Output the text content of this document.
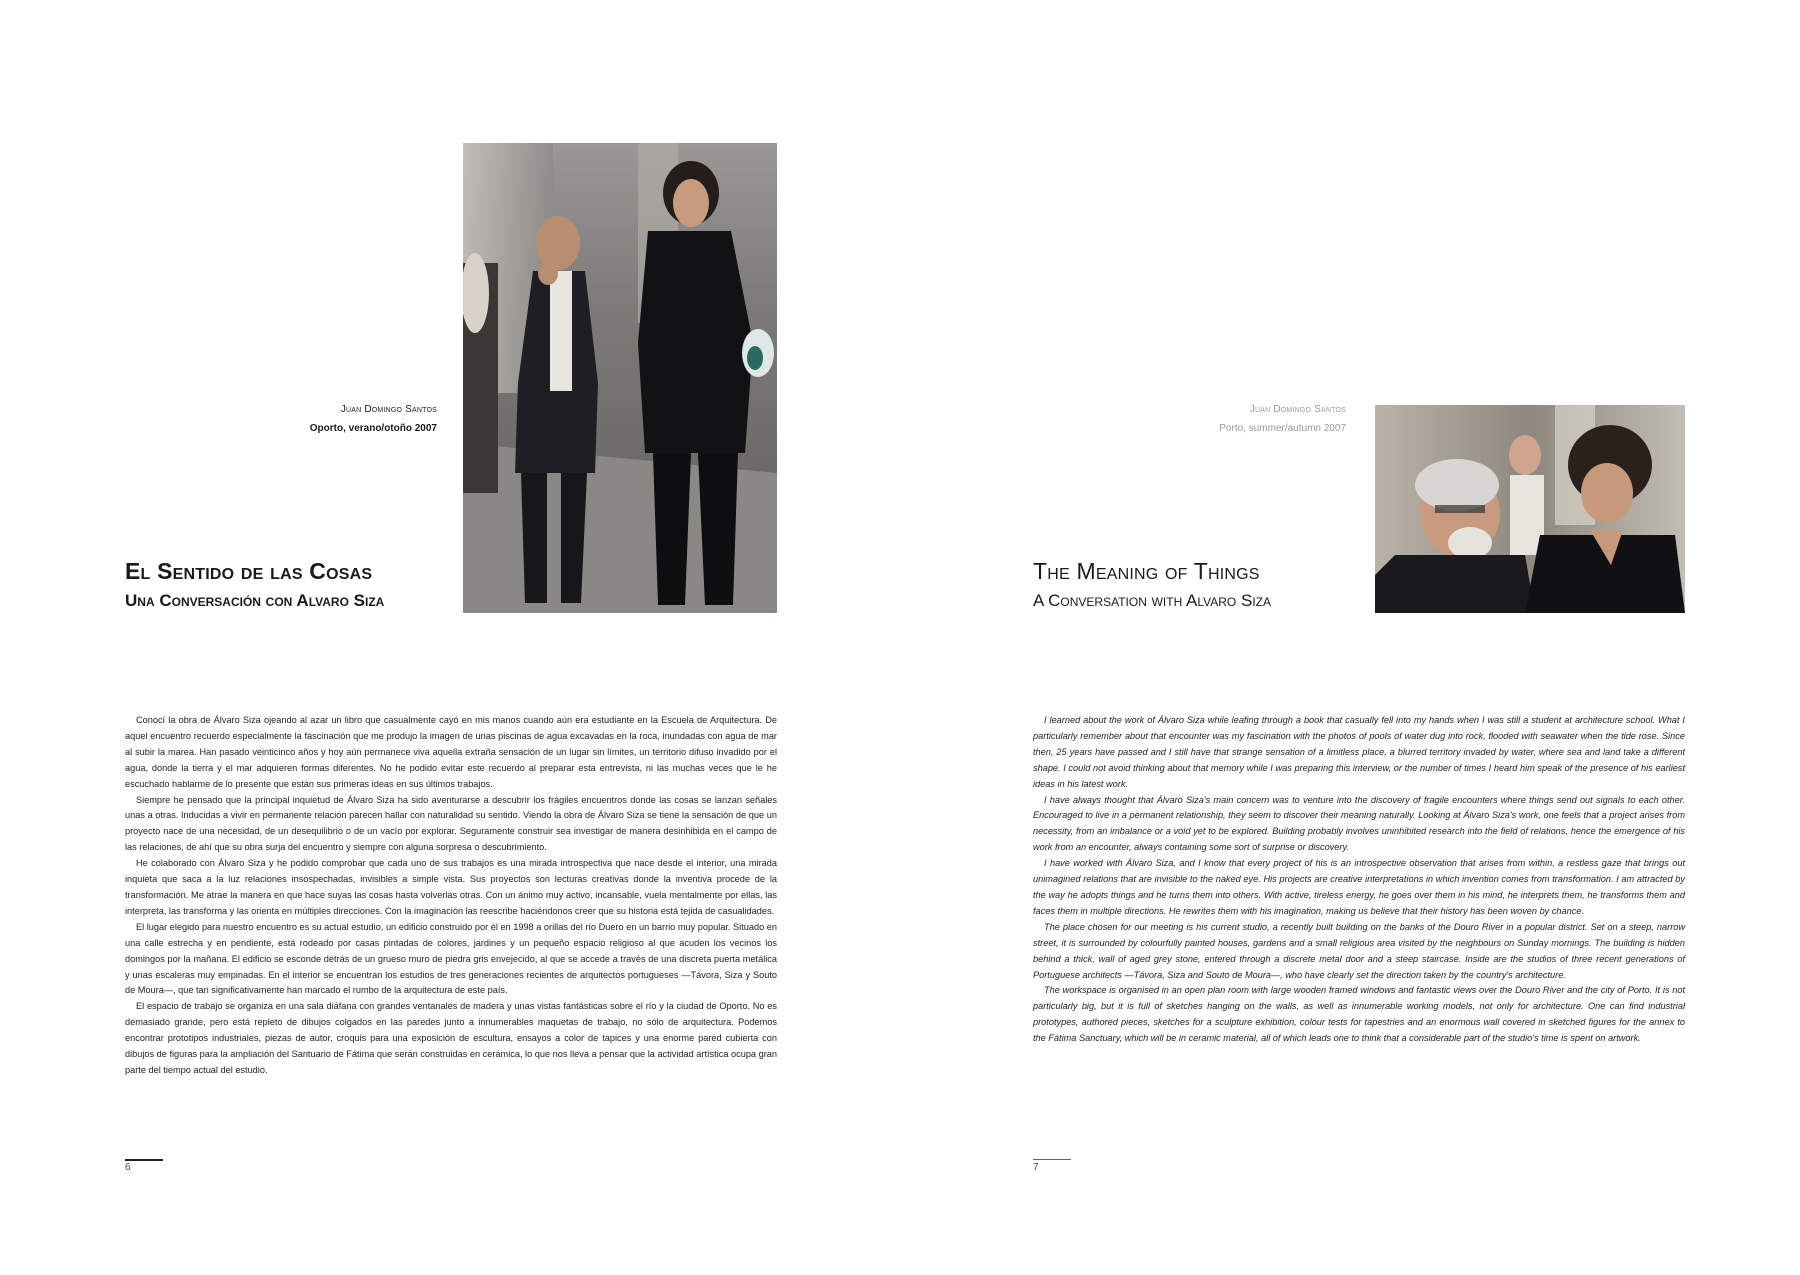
Juan Domingo Santos
Oporto, verano/otoño 2007
El Sentido de las Cosas
Una Conversación con Alvaro Siza

Conocí la obra de Álvaro Siza ojeando al azar un libro que casualmente cayó en mis manos cuando aún era estudiante en la Escuela de Arquitectura. De aquel encuentro recuerdo especialmente la fascinación que me produjo la imagen de unas piscinas de agua excavadas en la roca, inundadas con agua de mar al subir la marea. Han pasado veinticinco años y hoy aún permanece viva aquella extraña sensación de un lugar sin límites, un territorio difuso invadido por el agua, donde la tierra y el mar adquieren formas diferentes. No he podido evitar este recuerdo al preparar esta entrevista, ni las muchas veces que le he escuchado hablarme de lo presente que están sus primeras ideas en sus últimos trabajos.

Siempre he pensado que la principal inquietud de Álvaro Siza ha sido aventurarse a descubrir los frágiles encuentros donde las cosas se lanzan señales unas a otras. Inducidas a vivir en permanente relación parecen hallar con naturalidad su sentido. Viendo la obra de Álvaro Siza se tiene la sensación de que un proyecto nace de una necesidad, de un desequilibrio o de un vacío por explorar. Seguramente construir sea investigar de manera desinhibida en el campo de las relaciones, de ahí que su obra surja del encuentro y siempre con alguna sorpresa o descubrimiento.

He colaborado con Álvaro Siza y he podido comprobar que cada uno de sus trabajos es una mirada introspectiva que nace desde el interior, una mirada inquieta que saca a la luz relaciones insospechadas, invisibles a simple vista. Sus proyectos son lecturas creativas donde la inventiva procede de la transformación. Me atrae la manera en que hace suyas las cosas hasta volverlas otras. Con un ánimo muy activo, incansable, vuela mentalmente por ellas, las interpreta, las transforma y las orienta en múltiples direcciones. Con la imaginación las reescribe haciéndonos creer que su historia está tejida de casualidades.

El lugar elegido para nuestro encuentro es su actual estudio, un edificio construido por él en 1998 a orillas del río Duero en un barrio muy popular. Situado en una calle estrecha y en pendiente, está rodeado por casas pintadas de colores, jardines y un pequeño espacio religioso al que acuden los vecinos los domingos por la mañana. El edificio se esconde detrás de un grueso muro de piedra gris envejecido, al que se accede a través de una discreta puerta metálica y unas escaleras muy empinadas. En el interior se encuentran los estudios de tres generaciones recientes de arquitectos portugueses —Távora, Siza y Souto de Moura—, que tan significativamente han marcado el rumbo de la arquitectura de este país.

El espacio de trabajo se organiza en una sala diáfana con grandes ventanales de madera y unas vistas fantásticas sobre el río y la ciudad de Oporto. No es demasiado grande, pero está repleto de dibujos colgados en las paredes junto a innumerables maquetas de trabajo, no sólo de arquitectura. Podemos encontrar prototipos industriales, piezas de autor, croquis para una exposición de escultura, ensayos a color de tapices y una enorme pared cubierta con dibujos de figuras para la ampliación del Santuario de Fátima que serán construidas en cerámica, lo que nos lleva a pensar que la actividad artística ocupa gran parte del tiempo actual del estudio.

6
Juan Domingo Santos
Porto, summer/autumn 2007
The Meaning of Things
A Conversation with Alvaro Siza

I learned about the work of Álvaro Siza while leafing through a book that casually fell into my hands when I was still a student at architecture school. What I particularly remember about that encounter was my fascination with the photos of pools of water dug into rock, flooded with seawater when the tide rose. Since then, 25 years have passed and I still have that strange sensation of a limitless place, a blurred territory invaded by water, where sea and land take a different shape. I could not avoid thinking about that memory while I was preparing this interview, or the number of times I heard him speak of the presence of his earliest ideas in his latest work.

I have always thought that Álvaro Siza's main concern was to venture into the discovery of fragile encounters where things send out signals to each other. Encouraged to live in a permanent relationship, they seem to discover their meaning naturally. Looking at Álvaro Siza's work, one feels that a project arises from necessity, from an imbalance or a void yet to be explored. Building probably involves uninhibited research into the field of relations, hence the emergence of his work from an encounter, always containing some sort of surprise or discovery.

I have worked with Álvaro Siza, and I know that every project of his is an introspective observation that arises from within, a restless gaze that brings out unimagined relations that are invisible to the naked eye. His projects are creative interpretations in which invention comes from transformation. I am attracted by the way he adopts things and he turns them into others. With active, tireless energy, he goes over them in his mind, he interprets them, he transforms them and faces them in multiple directions. He rewrites them with his imagination, making us believe that their history has been woven by chance.

The place chosen for our meeting is his current studio, a recently built building on the banks of the Douro River in a popular district. Set on a steep, narrow street, it is surrounded by colourfully painted houses, gardens and a small religious area visited by the neighbours on Sunday mornings. The building is hidden behind a thick, wall of aged grey stone, entered through a discrete metal door and a steep staircase. Inside are the studios of three recent generations of Portuguese architects —Távora, Siza and Souto de Moura—, who have clearly set the direction taken by the country's architecture.

The workspace is organised in an open plan room with large wooden framed windows and fantastic views over the Douro River and the city of Porto. It is not particularly big, but it is full of sketches hanging on the walls, as well as innumerable working models, not only for architecture. One can find industrial prototypes, authored pieces, sketches for a sculpture exhibition, colour tests for tapestries and an enormous wall covered in sketched figures for the annex to the Fátima Sanctuary, which will be in ceramic material, all of which leads one to think that a considerable part of the studio's time is spent on artwork.

7
